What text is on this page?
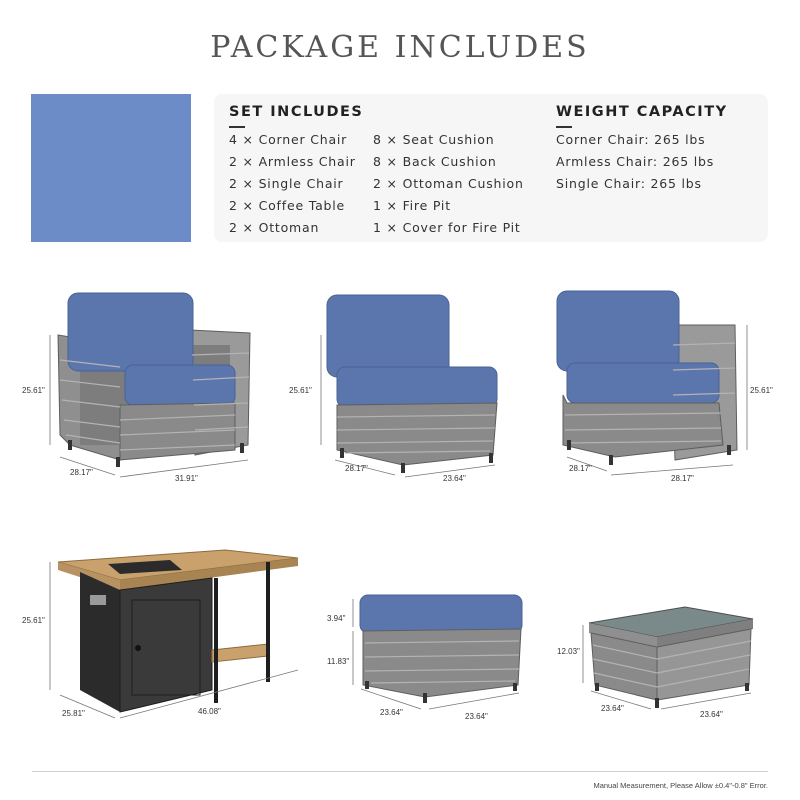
PACKAGE INCLUDES
SET INCLUDES
4 × Corner Chair
2 × Armless Chair
2 × Single Chair
2 × Coffee Table
2 × Ottoman
8 × Seat Cushion
8 × Back Cushion
2 × Ottoman Cushion
1 × Fire Pit
1 × Cover for Fire Pit
WEIGHT CAPACITY
Corner Chair: 265 lbs
Armless Chair: 265 lbs
Single Chair: 265 lbs
25.61"
28.17"
31.91"
25.61"
28.17"
23.64"
25.61"
28.17"
28.17"
25.61"
25.81"	46.08"
3.94"
11.83"
23.64"	23.64"
12.03"
23.64"
23.64"
Manual Measurement, Please Allow ±0.4"-0.8" Error.
